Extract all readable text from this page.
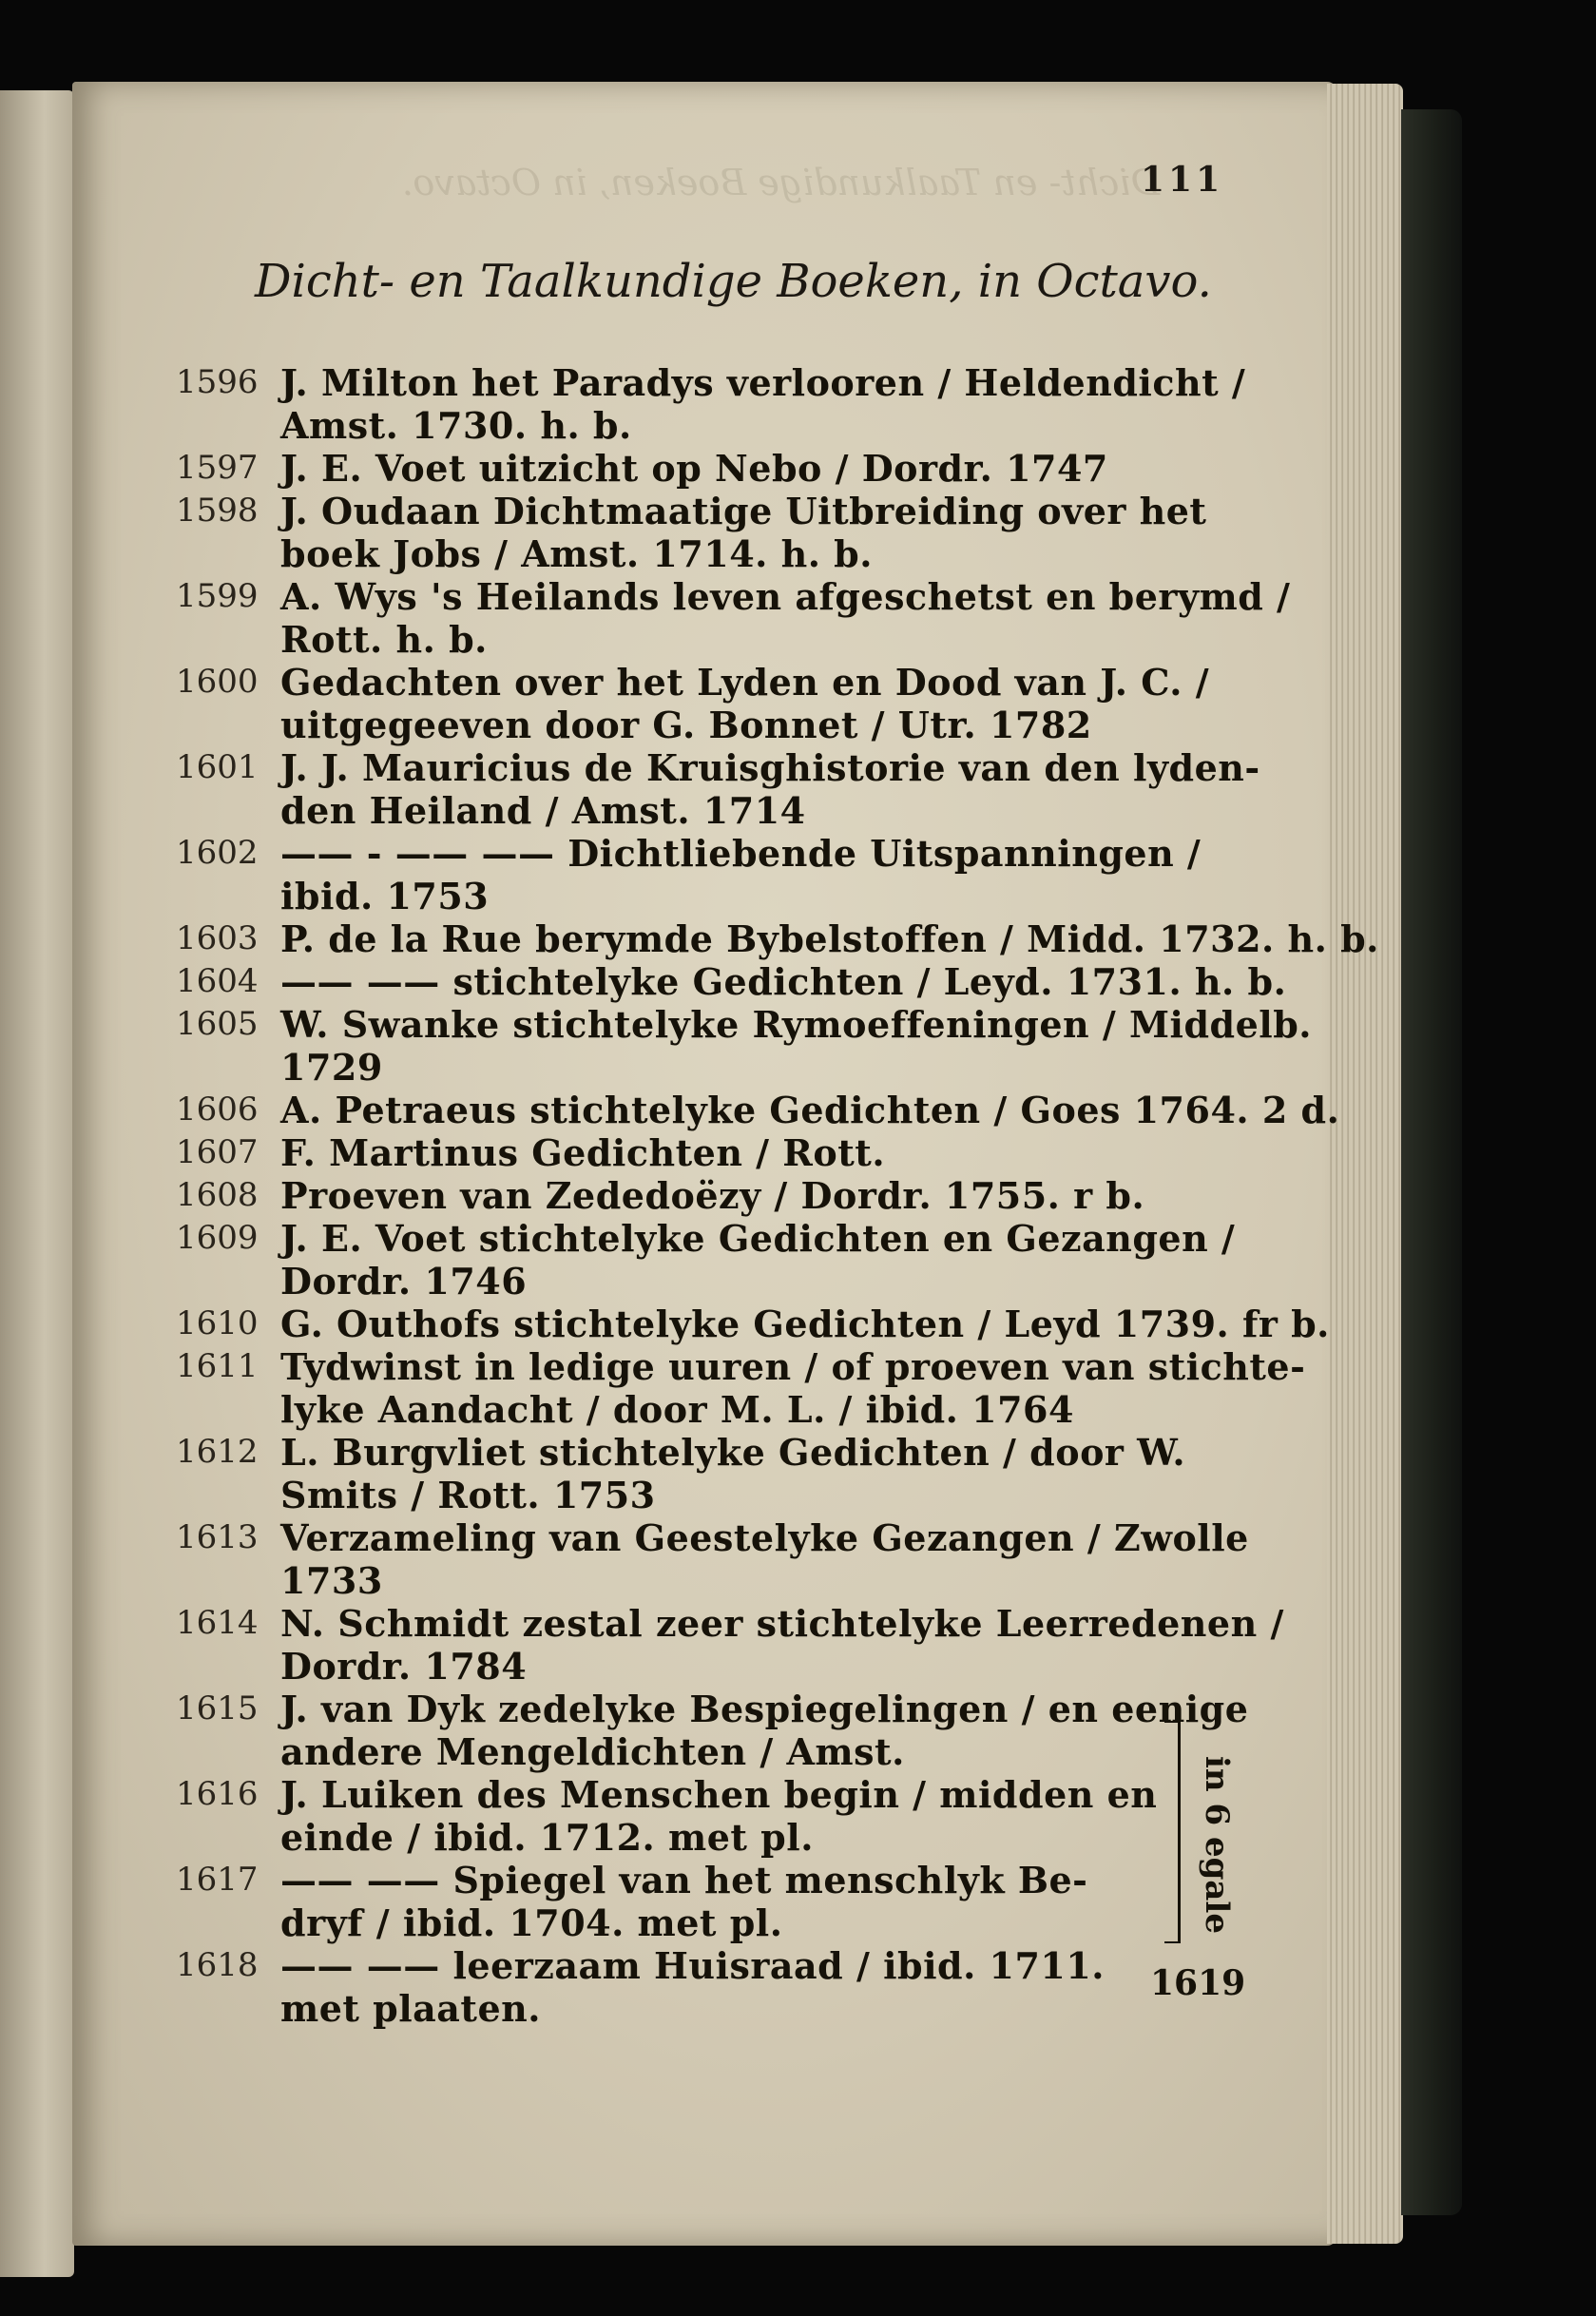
Dicht- en Taalkundige Boeken, in Octavo.
111
Dicht- en Taalkundige Boeken, in Octavo.
1596 J. Milton het Paradys verlooren / Heldendicht /
Amst. 1730. h. b.
1597 J. E. Voet uitzicht op Nebo / Dordr. 1747
1598 J. Oudaan Dichtmaatige Uitbreiding over het
boek Jobs / Amst. 1714. h. b.
1599 A. Wys 's Heilands leven afgeschetst en berymd /
Rott. h. b.
1600 Gedachten over het Lyden en Dood van J. C. /
uitgegeeven door G. Bonnet / Utr. 1782
1601 J. J. Mauricius de Kruisghistorie van den lyden-
den Heiland / Amst. 1714
1602 —— - —— —— Dichtliebende Uitspanningen /
ibid. 1753
1603 P. de la Rue berymde Bybelstoffen / Midd. 1732. h. b.
1604 —— —— stichtelyke Gedichten / Leyd. 1731. h. b.
1605 W. Swanke stichtelyke Rymoeffeningen / Middelb.
1729
1606 A. Petraeus stichtelyke Gedichten / Goes 1764. 2 d.
1607 F. Martinus Gedichten / Rott.
1608 Proeven van Zededoëzy / Dordr. 1755. r b.
1609 J. E. Voet stichtelyke Gedichten en Gezangen /
Dordr. 1746
1610 G. Outhofs stichtelyke Gedichten / Leyd 1739. fr b.
1611 Tydwinst in ledige uuren / of proeven van stichte-
lyke Aandacht / door M. L. / ibid. 1764
1612 L. Burgvliet stichtelyke Gedichten / door W.
Smits / Rott. 1753
1613 Verzameling van Geestelyke Gezangen / Zwolle
1733
1614 N. Schmidt zestal zeer stichtelyke Leerredenen /
Dordr. 1784
1615 J. van Dyk zedelyke Bespiegelingen / en eenige
andere Mengeldichten / Amst.
1616 J. Luiken des Menschen begin / midden en
einde / ibid. 1712. met pl.
1617 —— —— Spiegel van het menschlyk Be-
dryf / ibid. 1704. met pl.
1618 —— —— leerzaam Huisraad / ibid. 1711.
met plaaten.
in 6 egale
1619
